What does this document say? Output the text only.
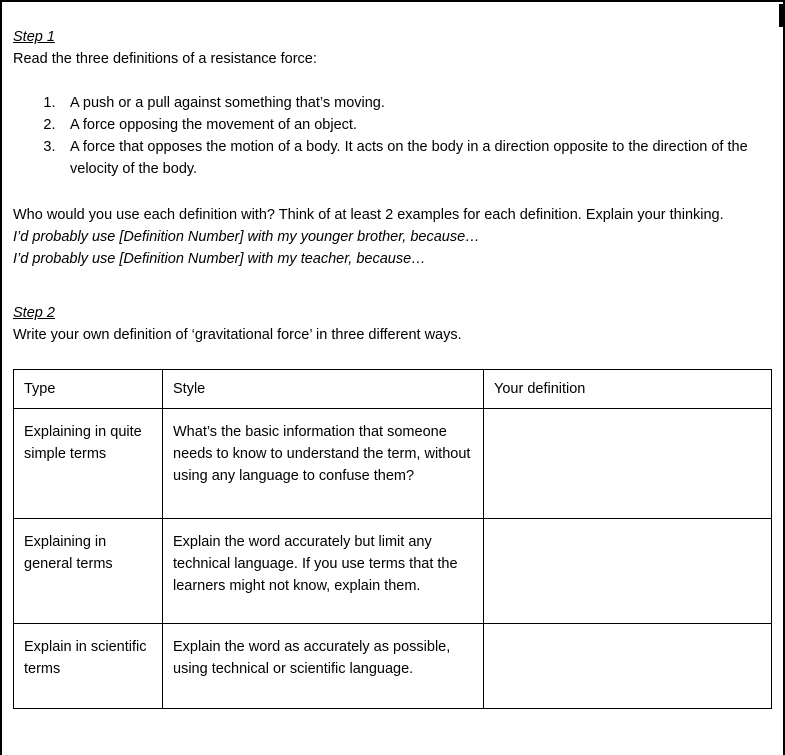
Step 1

Read the three definitions of a resistance force:

1. A push or a pull against something that’s moving.
2. A force opposing the movement of an object.
3. A force that opposes the motion of a body. It acts on the body in a direction opposite to the direction of the velocity of the body.

Who would you use each definition with? Think of at least 2 examples for each definition. Explain your thinking.

I’d probably use [Definition Number] with my younger brother, because…

I’d probably use [Definition Number] with my teacher, because…

Step 2

Write your own definition of ‘gravitational force’ in three different ways.

Type	Style	Your definition
Explaining in quite simple terms	What’s the basic information that someone needs to know to understand the term, without using any language to confuse them?	
Explaining in general terms	Explain the word accurately but limit any technical language. If you use terms that the learners might not know, explain them.	
Explain in scientific terms	Explain the word as accurately as possible, using technical or scientific language.	
